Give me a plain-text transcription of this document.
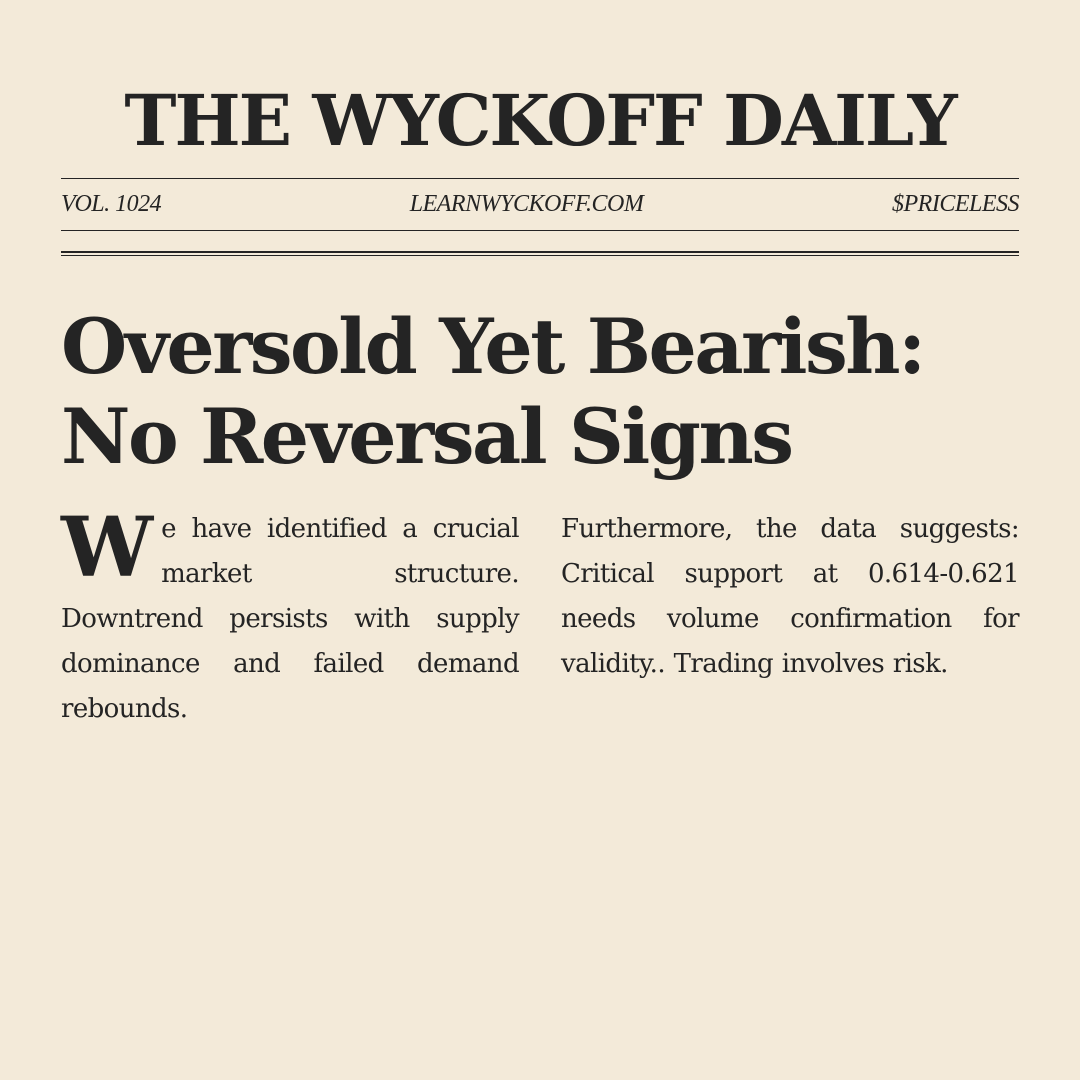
THE WYCKOFF DAILY
VOL. 1024	LEARNWYCKOFF.COM	$PRICELESS
Oversold Yet Bearish:
No Reversal Signs
We have identified a crucial market structure. Downtrend persists with supply dominance and failed demand rebounds.
Furthermore, the data suggests: Critical support at 0.614-0.621 needs volume confirmation for validity.. Trading involves risk.
